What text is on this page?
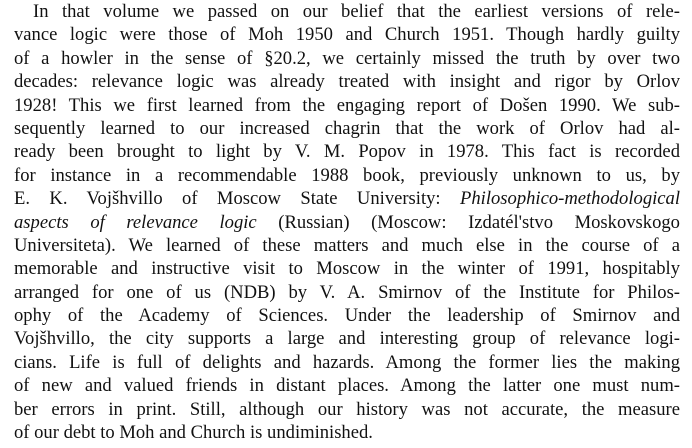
In that volume we passed on our belief that the earliest versions of rele-
vance logic were those of Moh 1950 and Church 1951. Though hardly guilty
of a howler in the sense of §20.2, we certainly missed the truth by over two
decades: relevance logic was already treated with insight and rigor by Orlov
1928! This we first learned from the engaging report of Došen 1990. We sub-
sequently learned to our increased chagrin that the work of Orlov had al-
ready been brought to light by V. M. Popov in 1978. This fact is recorded
for instance in a recommendable 1988 book, previously unknown to us, by
E. K. Vojšhvillo of Moscow State University: Philosophico-methodological
aspects of relevance logic (Russian) (Moscow: Izdatél'stvo Moskovskogo
Universiteta). We learned of these matters and much else in the course of a
memorable and instructive visit to Moscow in the winter of 1991, hospitably
arranged for one of us (NDB) by V. A. Smirnov of the Institute for Philos-
ophy of the Academy of Sciences. Under the leadership of Smirnov and
Vojšhvillo, the city supports a large and interesting group of relevance logi-
cians. Life is full of delights and hazards. Among the former lies the making
of new and valued friends in distant places. Among the latter one must num-
ber errors in print. Still, although our history was not accurate, the measure
of our debt to Moh and Church is undiminished.
